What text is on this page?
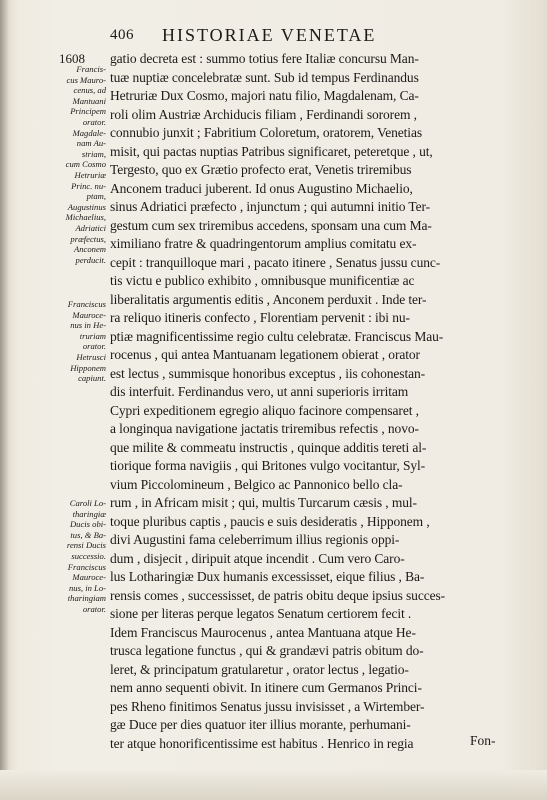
406 HISTORIAE VENETAE
1608
Francis-
cus Mauro-
cenus, ad
Mantuani
Principem
orator.
Magdale-
nam Au-
striam,
cum Cosmo
Hetruriæ
Princ. nu-
ptam,
Augustinus
Michaelius,
Adriatici
præfectus,
Anconem
perducit.
Franciscus
Mauroce-
nus in He-
truriam
orator.
Hetrusci
Hipponem
capiunt.
Caroli Lo-
tharingiæ
Ducis obi-
tus, & Ba-
rensi Ducis
successio.
Franciscus
Mauroce-
nus, in Lo-
tharingiam
orator.
gatio decreta est : summo totius fere Italiæ concursu Man-
tuæ nuptiæ concelebratæ sunt. Sub id tempus Ferdinandus
Hetruriæ Dux Cosmo, majori natu filio, Magdalenam, Ca-
roli olim Austriæ Archiducis filiam , Ferdinandi sororem ,
connubio junxit ; Fabritium Coloretum, oratorem, Venetias
misit, qui pactas nuptias Patribus significaret, peteretque , ut,
Tergesto, quo ex Grætio profecto erat, Venetis triremibus
Anconem traduci juberent. Id onus Augustino Michaelio,
sinus Adriatici præfecto , injunctum ; qui autumni initio Ter-
gestum cum sex triremibus accedens, sponsam una cum Ma-
ximiliano fratre & quadringentorum amplius comitatu ex-
cepit : tranquilloque mari , pacato itinere , Senatus jussu cunc-
tis victu e publico exhibito , omnibusque munificentiæ ac
liberalitatis argumentis editis , Anconem perduxit . Inde ter-
ra reliquo itineris confecto , Florentiam pervenit : ibi nu-
ptiæ magnificentissime regio cultu celebratæ. Franciscus Mau-
rocenus , qui antea Mantuanam legationem obierat , orator
est lectus , summisque honoribus exceptus , iis cohonestan-
dis interfuit. Ferdinandus vero, ut anni superioris irritam
Cypri expeditionem egregio aliquo facinore compensaret ,
a longinqua navigatione jactatis triremibus refectis , novo-
que milite & commeatu instructis , quinque additis tereti al-
tiorique forma navigiis , qui Britones vulgo vocitantur, Syl-
vium Piccolomineum , Belgico ac Pannonico bello cla-
rum , in Africam misit ; qui, multis Turcarum cæsis , mul-
toque pluribus captis , paucis e suis desideratis , Hipponem ,
divi Augustini fama celeberrimum illius regionis oppi-
dum , disjecit , diripuit atque incendit . Cum vero Caro-
lus Lotharingiæ Dux humanis excessisset, eique filius , Ba-
rensis comes , successisset, de patris obitu deque ipsius succes-
sione per literas perque legatos Senatum certiorem fecit .
Idem Franciscus Maurocenus , antea Mantuana atque He-
trusca legatione functus , qui & grandævi patris obitum do-
leret, & principatum gratularetur , orator lectus , legatio-
nem anno sequenti obivit. In itinere cum Germanos Princi-
pes Rheno finitimos Senatus jussu invisisset , a Wirtember-
gæ Duce per dies quatuor iter illius morante, perhumani-
ter atque honorificentissime est habitus . Henrico in regia	Fon-
